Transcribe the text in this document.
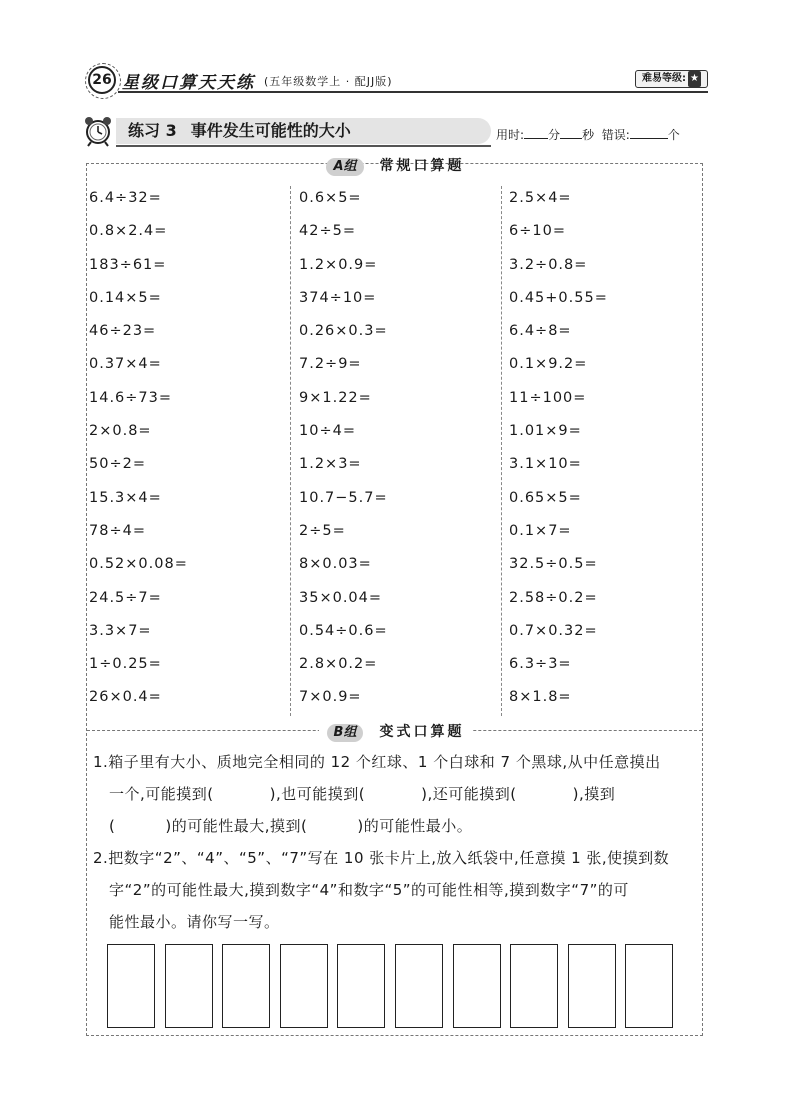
26 星级口算天天练 (五年级数学上 · 配JJ版)	难易等级: ★
练习 3 事件发生可能性的大小	用时: 分 秒 错误:	个
A组 常规口算题
6.4÷32=
0.8×2.4=
183÷61=
0.14×5=
46÷23=
0.37×4=
14.6÷73=
2×0.8=
50÷2=
15.3×4=
78÷4=
0.52×0.08=
24.5÷7=
3.3×7=
1÷0.25=
26×0.4=
0.6×5=
42÷5=
1.2×0.9=
374÷10=
0.26×0.3=
7.2÷9=
9×1.22=
10÷4=
1.2×3=
10.7−5.7=
2÷5=
8×0.03=
35×0.04=
0.54÷0.6=
2.8×0.2=
7×0.9=
2.5×4=
6÷10=
3.2÷0.8=
0.45+0.55=
6.4÷8=
0.1×9.2=
11÷100=
1.01×9=
3.1×10=
0.65×5=
0.1×7=
32.5÷0.5=
2.58÷0.2=
0.7×0.32=
6.3÷3=
8×1.8=
B组 变式口算题
1.箱子里有大小、质地完全相同的 12 个红球、1 个白球和 7 个黑球,从中任意摸出
一个,可能摸到(	),也可能摸到(	),还可能摸到(	),摸到
(	)的可能性最大,摸到(	)的可能性最小。
2.把数字“2”、“4”、“5”、“7”写在 10 张卡片上,放入纸袋中,任意摸 1 张,使摸到数
字“2”的可能性最大,摸到数字“4”和数字“5”的可能性相等,摸到数字“7”的可
能性最小。请你写一写。
